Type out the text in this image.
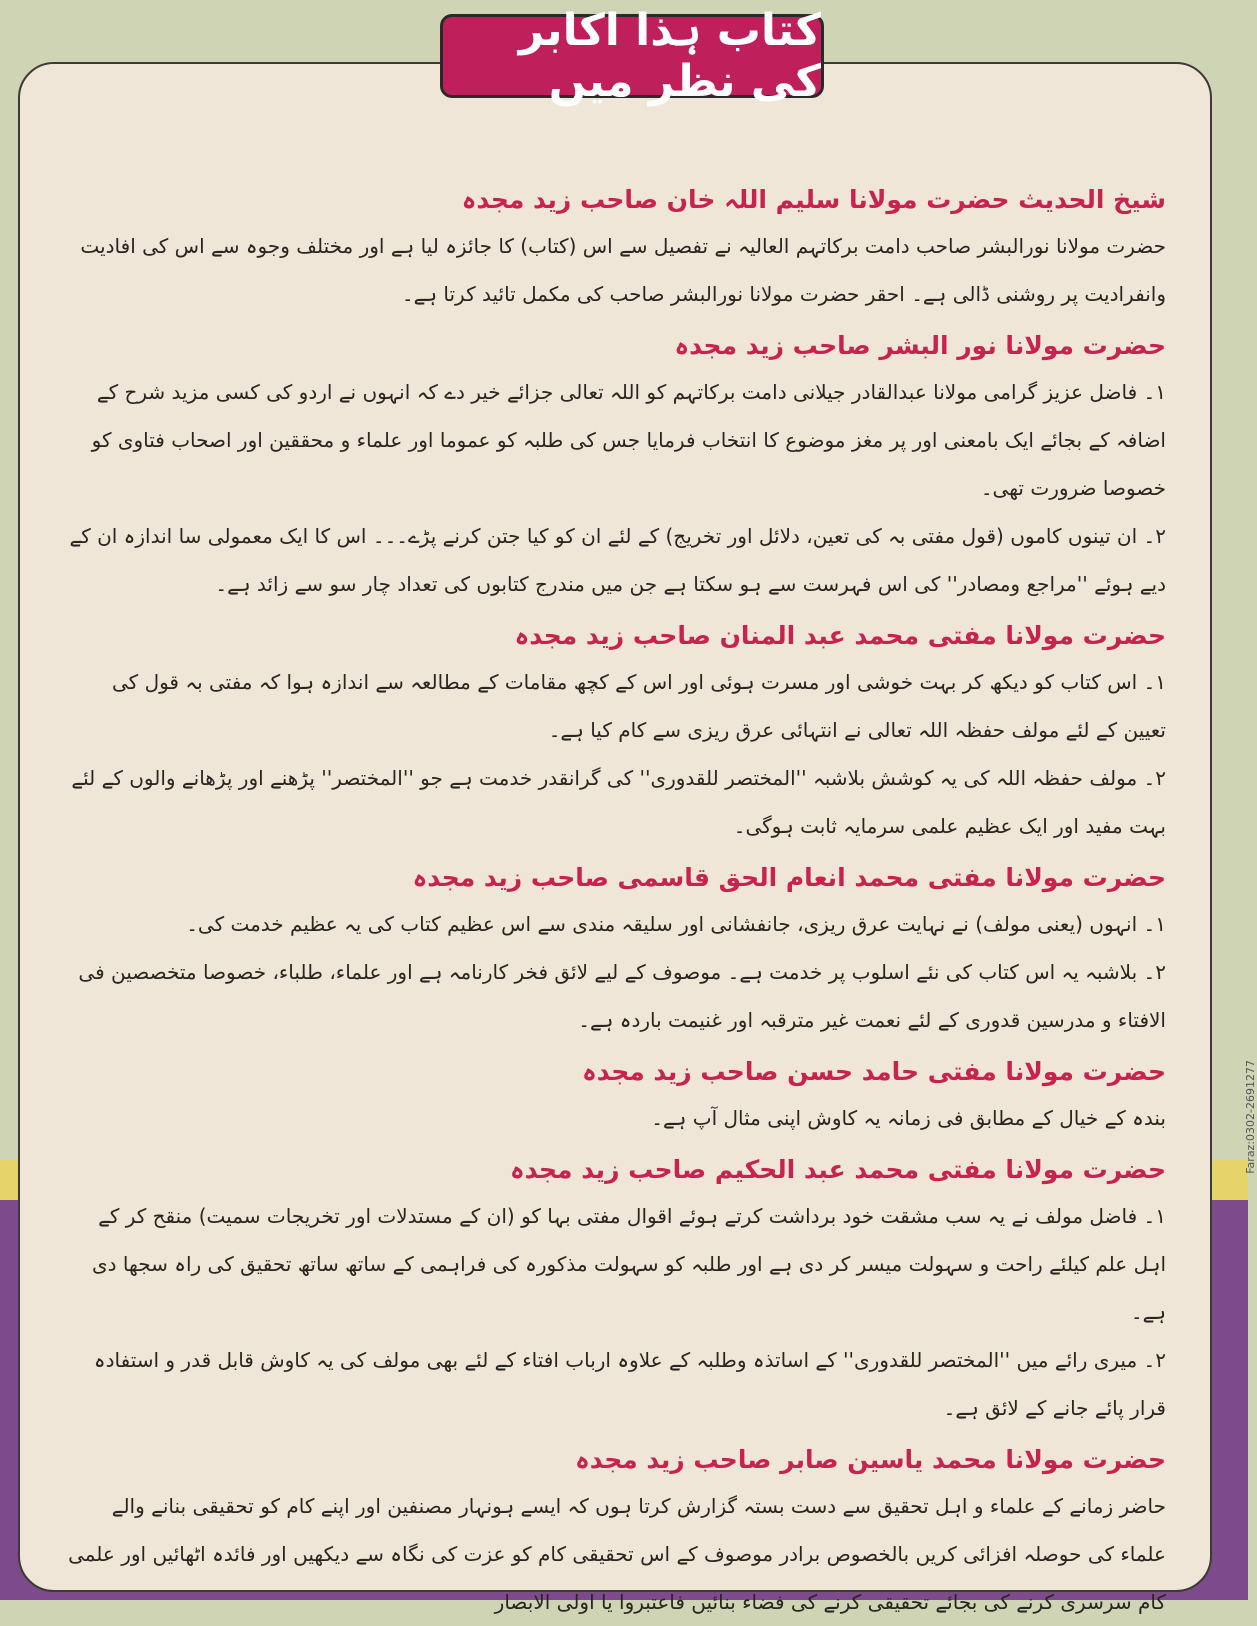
شیخ الحدیث حضرت مولانا سلیم اللہ خان صاحب زید مجدہ

حضرت مولانا نورالبشر صاحب دامت برکاتہم العالیہ نے تفصیل سے اس (کتاب) کا جائزہ لیا ہے اور مختلف وجوہ سے اس کی افادیت وانفرادیت پر روشنی ڈالی ہے۔ احقر حضرت مولانا نورالبشر صاحب کی مکمل تائید کرتا ہے۔

حضرت مولانا نور البشر صاحب زید مجدہ

۱۔ فاضل عزیز گرامی مولانا عبدالقادر جیلانی دامت برکاتہم کو اللہ تعالی جزائے خیر دے کہ انہوں نے اردو کی کسی مزید شرح کے اضافہ کے بجائے ایک بامعنی اور پر مغز موضوع کا انتخاب فرمایا جس کی طلبہ کو عموما اور علماء و محققین اور اصحاب فتاوی کو خصوصا ضرورت تھی۔

۲۔ ان تینوں کاموں (قول مفتی بہ کی تعین، دلائل اور تخریج) کے لئے ان کو کیا جتن کرنے پڑے۔۔۔ اس کا ایک معمولی سا اندازہ ان کے دیے ہوئے ''مراجع ومصادر'' کی اس فہرست سے ہو سکتا ہے جن میں مندرج کتابوں کی تعداد چار سو سے زائد ہے۔

حضرت مولانا مفتی محمد عبد المنان صاحب زید مجدہ

۱۔ اس کتاب کو دیکھ کر بہت خوشی اور مسرت ہوئی اور اس کے کچھ مقامات کے مطالعہ سے اندازہ ہوا کہ مفتی بہ قول کی تعیین کے لئے مولف حفظہ اللہ تعالی نے انتہائی عرق ریزی سے کام کیا ہے۔

۲۔ مولف حفظہ اللہ کی یہ کوشش بلاشبہ ''المختصر للقدوری'' کی گرانقدر خدمت ہے جو ''المختصر'' پڑھنے اور پڑھانے والوں کے لئے بہت مفید اور ایک عظیم علمی سرمایہ ثابت ہوگی۔

حضرت مولانا مفتی محمد انعام الحق قاسمی صاحب زید مجدہ

۱۔ انہوں (یعنی مولف) نے نہایت عرق ریزی، جانفشانی اور سلیقہ مندی سے اس عظیم کتاب کی یہ عظیم خدمت کی۔

۲۔ بلاشبہ یہ اس کتاب کی نئے اسلوب پر خدمت ہے۔ موصوف کے لیے لائق فخر کارنامہ ہے اور علماء، طلباء، خصوصا متخصصین فی الافتاء و مدرسین قدوری کے لئے نعمت غیر مترقبہ اور غنیمت باردہ ہے۔

حضرت مولانا مفتی حامد حسن صاحب زید مجدہ

بندہ کے خیال کے مطابق فی زمانہ یہ کاوش اپنی مثال آپ ہے۔

حضرت مولانا مفتی محمد عبد الحکیم صاحب زید مجدہ

۱۔ فاضل مولف نے یہ سب مشقت خود برداشت کرتے ہوئے اقوال مفتی بہا کو (ان کے مستدلات اور تخریجات سمیت) منقح کر کے اہل علم کیلئے راحت و سہولت میسر کر دی ہے اور طلبہ کو سہولت مذکورہ کی فراہمی کے ساتھ ساتھ تحقیق کی راہ سجھا دی ہے۔

۲۔ میری رائے میں ''المختصر للقدوری'' کے اساتذہ وطلبہ کے علاوہ ارباب افتاء کے لئے بھی مولف کی یہ کاوش قابل قدر و استفادہ قرار پائے جانے کے لائق ہے۔

حضرت مولانا محمد یاسین صابر صاحب زید مجدہ

حاضر زمانے کے علماء و اہل تحقیق سے دست بستہ گزارش کرتا ہوں کہ ایسے ہونہار مصنفین اور اپنے کام کو تحقیقی بنانے والے علماء کی حوصلہ افزائی کریں بالخصوص برادر موصوف کے اس تحقیقی کام کو عزت کی نگاہ سے دیکھیں اور فائدہ اٹھائیں اور علمی کام سرسری کرنے کی بجائے تحقیقی کرنے کی فضاء بنائیں فاعتبروا یا اولی الابصار

کتاب ہذا اکابر کی نظر میں
Faraz:0302-2691277
